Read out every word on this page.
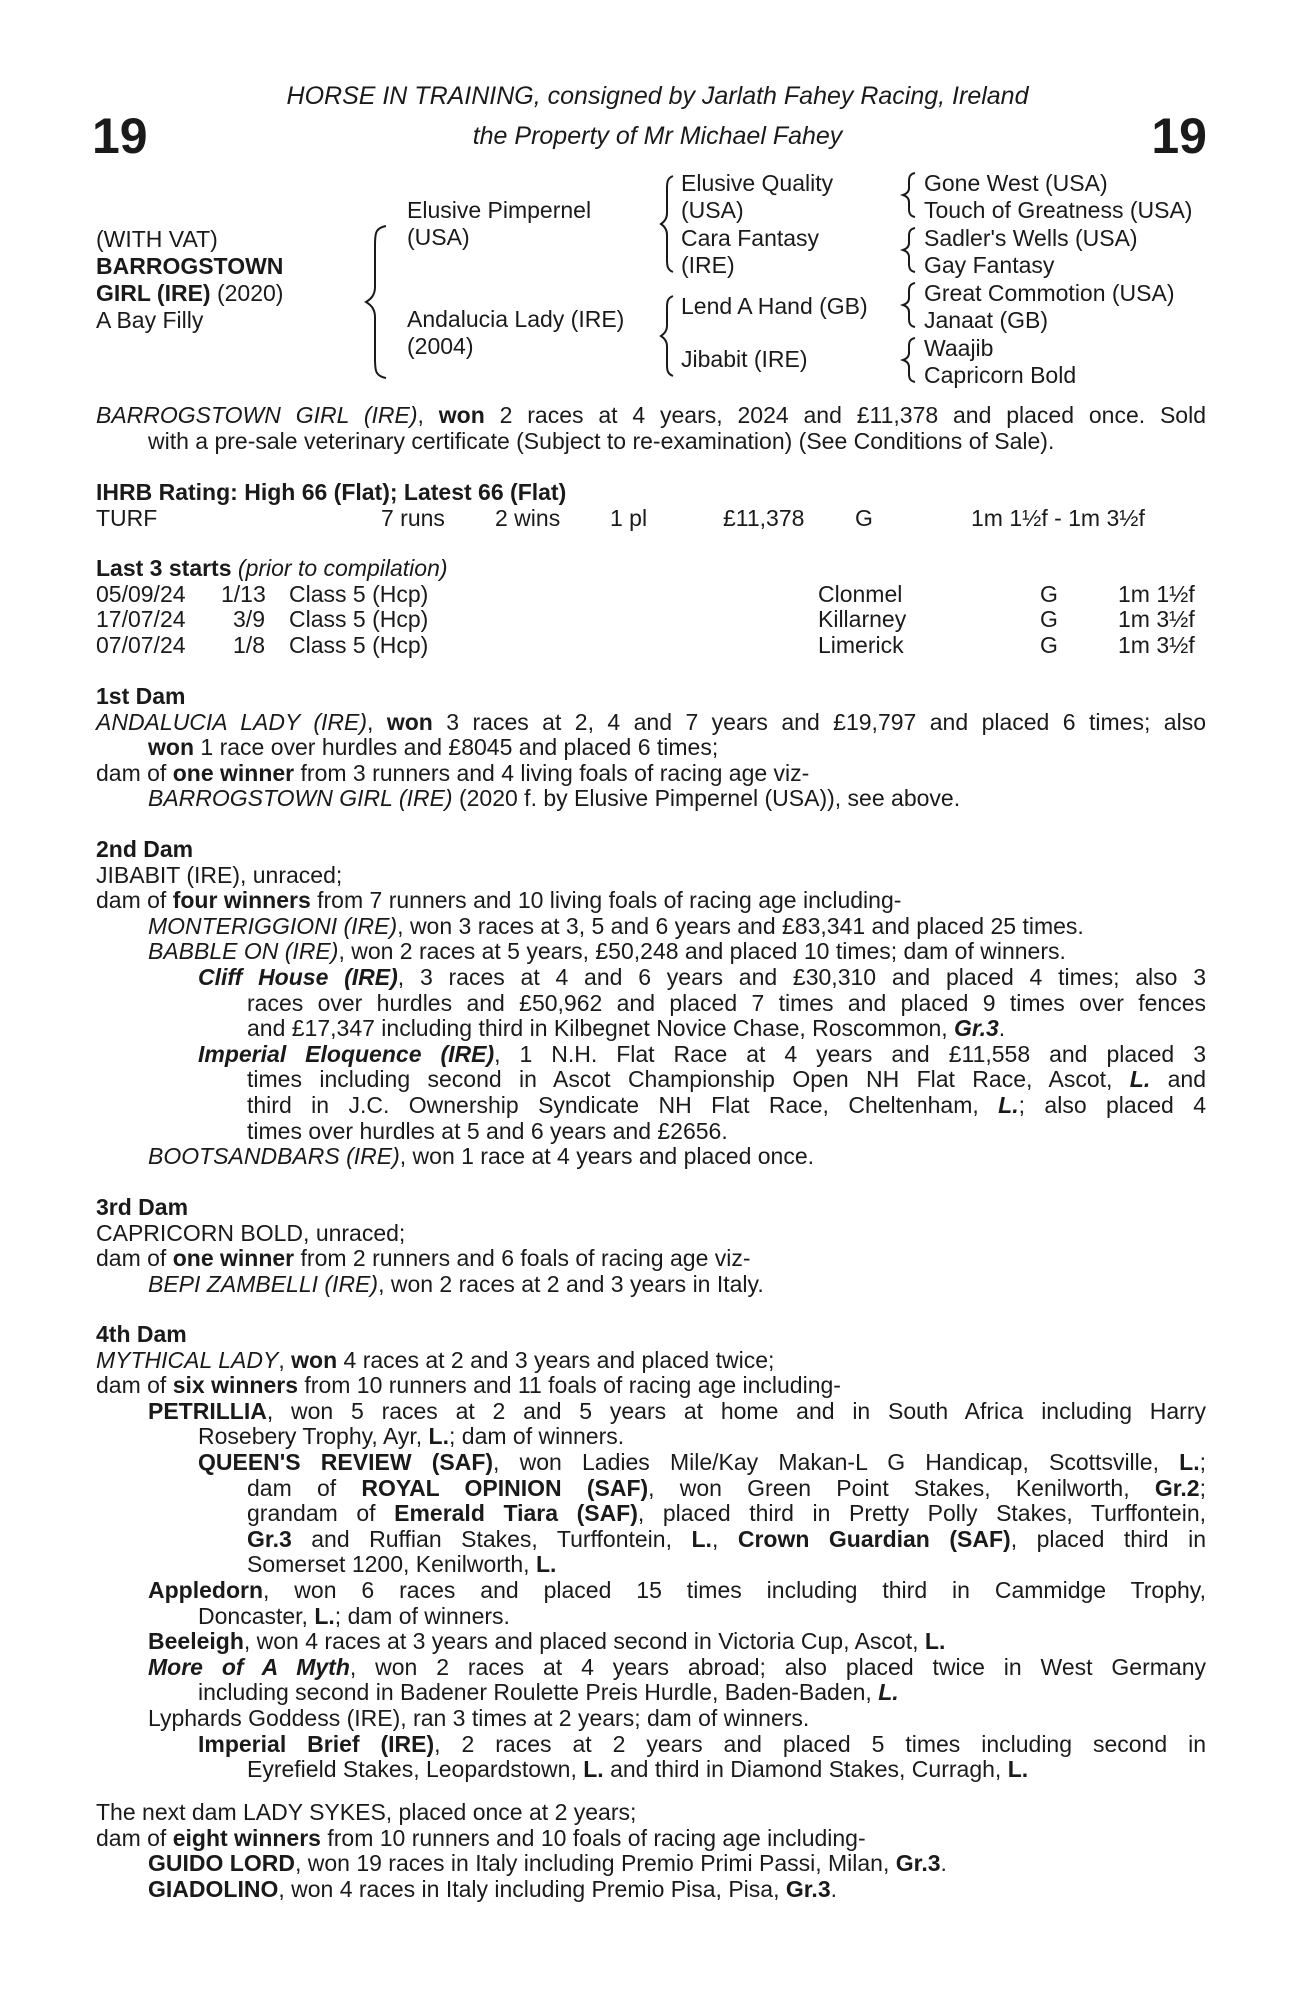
19	19
HORSE IN TRAINING, consigned by Jarlath Fahey Racing, Ireland
the Property of Mr Michael Fahey
(WITH VAT)
BARROGSTOWN
GIRL (IRE) (2020)
A Bay Filly
Elusive Pimpernel
(USA)
Andalucia Lady (IRE)
(2004)
Elusive Quality
(USA)
Cara Fantasy
(IRE)
Lend A Hand (GB)
Jibabit (IRE)
Gone West (USA)
Touch of Greatness (USA)
Sadler's Wells (USA)
Gay Fantasy
Great Commotion (USA)
Janaat (GB)
Waajib
Capricorn Bold
BARROGSTOWN GIRL (IRE), won 2 races at 4 years, 2024 and £11,378 and placed once. Sold
with a pre-sale veterinary certificate (Subject to re-examination) (See Conditions of Sale).
IHRB Rating: High 66 (Flat); Latest 66 (Flat)
TURF	7 runs 2 wins 1 pl	£11,378 G	1m 1½f - 1m 3½f
Last 3 starts (prior to compilation)
05/09/24 1/13 Class 5 (Hcp)	Clonmel	G	1m 1½f
17/07/24	3/9 Class 5 (Hcp)	Killarney	G	1m 3½f
07/07/24	1/8 Class 5 (Hcp)	Limerick	G	1m 3½f
1st Dam
ANDALUCIA LADY (IRE), won 3 races at 2, 4 and 7 years and £19,797 and placed 6 times; also
won 1 race over hurdles and £8045 and placed 6 times;
dam of one winner from 3 runners and 4 living foals of racing age viz-
BARROGSTOWN GIRL (IRE) (2020 f. by Elusive Pimpernel (USA)), see above.
2nd Dam
JIBABIT (IRE), unraced;
dam of four winners from 7 runners and 10 living foals of racing age including-
MONTERIGGIONI (IRE), won 3 races at 3, 5 and 6 years and £83,341 and placed 25 times.
BABBLE ON (IRE), won 2 races at 5 years, £50,248 and placed 10 times; dam of winners.
Cliff House (IRE), 3 races at 4 and 6 years and £30,310 and placed 4 times; also 3
races over hurdles and £50,962 and placed 7 times and placed 9 times over fences
and £17,347 including third in Kilbegnet Novice Chase, Roscommon, Gr.3.
Imperial Eloquence (IRE), 1 N.H. Flat Race at 4 years and £11,558 and placed 3
times including second in Ascot Championship Open NH Flat Race, Ascot, L. and
third in J.C. Ownership Syndicate NH Flat Race, Cheltenham, L.; also placed 4
times over hurdles at 5 and 6 years and £2656.
BOOTSANDBARS (IRE), won 1 race at 4 years and placed once.
3rd Dam
CAPRICORN BOLD, unraced;
dam of one winner from 2 runners and 6 foals of racing age viz-
BEPI ZAMBELLI (IRE), won 2 races at 2 and 3 years in Italy.
4th Dam
MYTHICAL LADY, won 4 races at 2 and 3 years and placed twice;
dam of six winners from 10 runners and 11 foals of racing age including-
PETRILLIA, won 5 races at 2 and 5 years at home and in South Africa including Harry
Rosebery Trophy, Ayr, L.; dam of winners.
QUEEN'S REVIEW (SAF), won Ladies Mile/Kay Makan-L G Handicap, Scottsville, L.;
dam of ROYAL OPINION (SAF), won Green Point Stakes, Kenilworth, Gr.2;
grandam of Emerald Tiara (SAF), placed third in Pretty Polly Stakes, Turffontein,
Gr.3 and Ruffian Stakes, Turffontein, L., Crown Guardian (SAF), placed third in
Somerset 1200, Kenilworth, L.
Appledorn, won 6 races and placed 15 times including third in Cammidge Trophy,
Doncaster, L.; dam of winners.
Beeleigh, won 4 races at 3 years and placed second in Victoria Cup, Ascot, L.
More of A Myth, won 2 races at 4 years abroad; also placed twice in West Germany
including second in Badener Roulette Preis Hurdle, Baden-Baden, L.
Lyphards Goddess (IRE), ran 3 times at 2 years; dam of winners.
Imperial Brief (IRE), 2 races at 2 years and placed 5 times including second in
Eyrefield Stakes, Leopardstown, L. and third in Diamond Stakes, Curragh, L.
The next dam LADY SYKES, placed once at 2 years;
dam of eight winners from 10 runners and 10 foals of racing age including-
GUIDO LORD, won 19 races in Italy including Premio Primi Passi, Milan, Gr.3.
GIADOLINO, won 4 races in Italy including Premio Pisa, Pisa, Gr.3.
